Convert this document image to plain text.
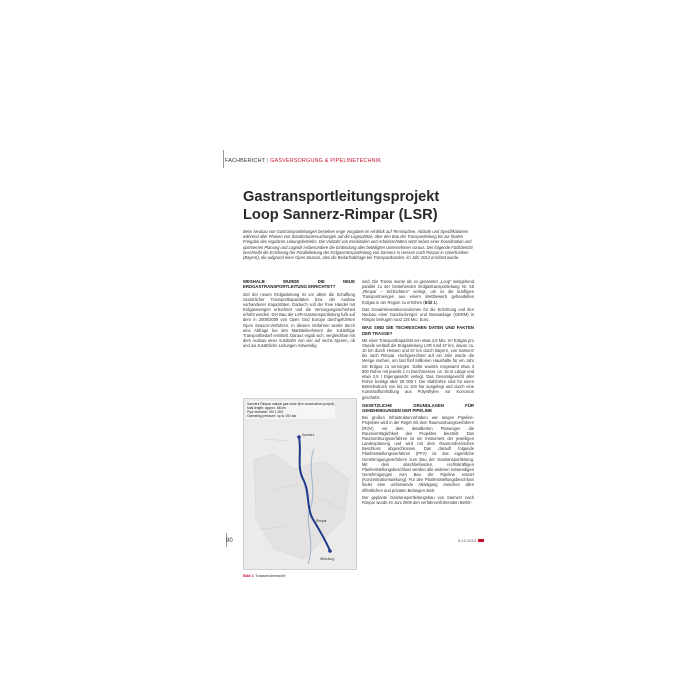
FACHBERICHT | GASVERSORGUNG & PIPELINETECHNIK
Gastransportleitungsprojekt
Loop Sannerz-Rimpar (LSR)
Beim Neubau von Gastransportleitungen bestehen enge Vorgaben im Hinblick auf Terminpläne, Abläufe und Spezifikationen während aller Phasen von Standortuntersuchungen auf die Lagerplätze, über den Bau der Transportleitung bis zur finalen Freigabe des regulären Leitungsbetriebs. Die Vielzahl von Kreisläufen und Arbeitsschritten setzt neben einer Koordination und optimierten Planung und Logistik insbesondere die Einbindung aller beteiligten Unternehmen voraus. Der folgende Fachbericht beschreibt die Errichtung der Parallelleitung der Erdgastransportleitung von Sannerz in Hessen nach Rimpar in Unterfranken (Bayern), die aufgrund einer Open Season, also die Bedarfsabfrage bei Transportkunden, im Jahr 2012 errichtet wurde.
WESHALB WURDE DIE NEUE ERDGASTRANSPORTLEITUNG ERRICHTET?

Ziel der neuen Erdgasleitung ist vor allem die Schaffung zusätzlicher Transportkapazitäten bzw. der Ausbau vorhandener Kapazitäten. Dadurch soll der freie Handel mit Erdgasmengen erleichtert und die Versorgungssicherheit erhöht werden. Der Bau der LSR-Gastransportleitung fußt auf dem in 2008/2009 von Open Grid Europe durchgeführten Open Season-Verfahren. In diesem Verfahren wurde durch eine Abfrage bei den Marktteilnehmern der zukünftige Transportbedarf ermittelt. Daraus ergab sich, vergleichbar mit dem Ausbau einer Autobahn von vier auf sechs Spuren, ob und wo zusätzliche Leitungen notwendig

Sannerz-Rimpar natural gas route (line construction project)
total length: approx. 68 km
Pipe diameter: DN 1,200
Operating pressure: up to 100 bar
Sannerz
Rimpar
Würzburg
Bild 1 Trassenübersicht

sind. Die Trasse wurde als so genannter „Loop“ weitgehend parallel zu der bestehenden Erdgastransportleitung Nr. 55 „Rimpar – Schlüchtern“ verlegt, um so die künftigen Transportmengen aus einem Wettbewerb gehandelten Erdgas in der Region zu erhöhen (Bild 1).

Das Gesamtinvestitionsvolumen für die Errichtung und den Neubau einer Gasdruckregel- und Messanlage (GDRM) in Rimpar betrugen rund 125 Mio. Euro.

WAS SIND DIE TECHNISCHEN DATEN UND FAKTEN DER TRASSE?

Mit einer Transportkapazität von etwa 3,5 Mio. m³ Erdgas pro Stunde verläuft die Erdgasleitung LSR rund 67 km, davon ca. 10 km durch Hessen und 57 km durch Bayern, von Sannerz bis nach Rimpar. Hochgerechnet auf ein Jahr würde die Menge reichen, um fast fünf Millionen Haushalte für ein Jahr mit Erdgas zu versorgen. Dafür wurden insgesamt etwa 3 800 Rohre mit jeweils 1 m Durchmesser, ca. 18 m Länge und etwa 2,5 t Eigengewicht verlegt. Das Gesamtgewicht aller Rohre beträgt über 28 000 t. Die Stahlrohre sind für einen Betriebsdruck von bis zu 100 bar ausgelegt und durch eine Kunststoffumhüllung aus Polyethylen vor Korrosion geschützt.

GESETZLICHE GRUNDLAGEN FÜR GENEHMIGUNGEN DER PIPELINE

Bei großen Infrastrukturvorhaben wie langen Pipeline-Projekten wird in der Regel mit dem Raumordnungsverfahren (ROV) vor dem detaillierten Planungen die Raumverträglichkeit des Projektes beurteilt. Das Raumordnungsverfahren ist ein Instrument der jeweiligen Landesplanung und wird mit dem Raumordnerischen Beschluss abgeschlossen. Das daraufl folgende Planfeststellungsverfahren (PFV) ist das eigentliche Genehmigungsverfahren zum Bau der Gastransportleitung. Mit dem abschließenden, rechtskräftigen Planfeststellungsbeschluss werden alle anderen notwendigen Genehmigungen zum Bau der Pipeline ersetzt (Konzentrationswirkung). Für den Planfeststellungsbeschluss findet eine umfassende Abwägung zwischen allen öffentlichen und privaten Belangen statt.

Der geplante Gastransportleitungsbau von Sannerz nach Rimpar wurde im Juni 2009 den verfahrensführenden Behör-

90	9-10 2013
